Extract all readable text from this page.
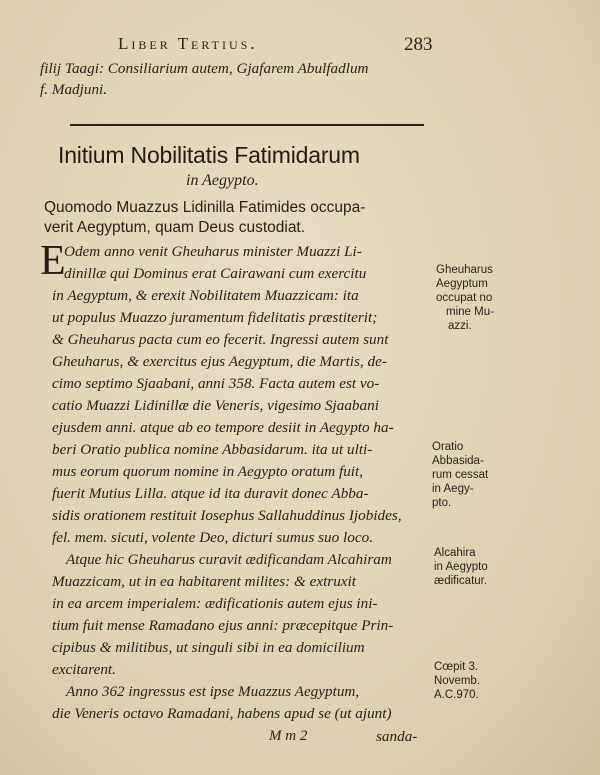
Liber Tertius.	283
filij Taagi: Consiliarium autem, Gjafarem Abulfadlum
f. Madjuni.
Initium Nobilitatis Fatimidarum
in Aegypto.
Quomodo Muazzus Lidinilla Fatimides occupa-
verit Aegyptum, quam Deus custodiat.
E
Odem anno venit Gheuharus minister Muazzi Li-
dinillæ qui Dominus erat Cairawani cum exercitu
in Aegyptum, & erexit Nobilitatem Muazzicam: ita
ut populus Muazzo juramentum fidelitatis præstiterit;
& Gheuharus pacta cum eo fecerit. Ingressi autem sunt
Gheuharus, & exercitus ejus Aegyptum, die Martis, de-
cimo septimo Sjaabani, anni 358. Facta autem est vo-
catio Muazzi Lidinillæ die Veneris, vigesimo Sjaabani
ejusdem anni. atque ab eo tempore desiit in Aegypto ha-
beri Oratio publica nomine Abbasidarum. ita ut ulti-
mus eorum quorum nomine in Aegypto oratum fuit,
fuerit Mutius Lilla. atque id ita duravit donec Abba-
sidis orationem restituit Iosephus Sallahuddinus Ijobides,
fel. mem. sicuti, volente Deo, dicturi sumus suo loco.
Atque hic Gheuharus curavit ædificandam Alcahiram
Muazzicam, ut in ea habitarent milites: & extruxit
in ea arcem imperialem: ædificationis autem ejus ini-
tium fuit mense Ramadano ejus anni: præcepitque Prin-
cipibus & militibus, ut singuli sibi in ea domicilium
excitarent.
Anno 362 ingressus est ipse Muazzus Aegyptum,
die Veneris octavo Ramadani, habens apud se (ut ajunt)
M m 2	sanda-
Gheuharus
Aegyptum
occupat no
mine Mu-
azzi.
Oratio
Abbasida-
rum cessat
in Aegy-
pto.
Alcahira
in Aegypto
ædificatur.
Cœpit 3.
Novemb.
A.C.970.
